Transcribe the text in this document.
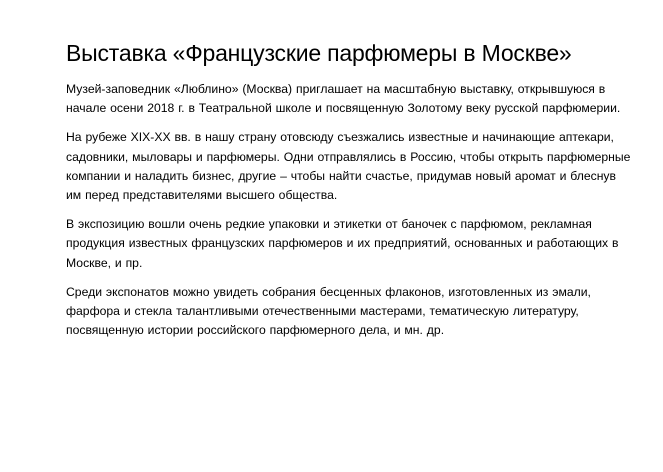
Выставка «Французские парфюмеры в Москве»

Музей-заповедник «Люблино» (Москва) приглашает на масштабную выставку, открывшуюся в начале осени 2018 г. в Театральной школе и посвященную Золотому веку русской парфюмерии.

На рубеже XIX-XX вв. в нашу страну отовсюду съезжались известные и начинающие аптекари, садовники, мыловары и парфюмеры. Одни отправлялись в Россию, чтобы открыть парфюмерные компании и наладить бизнес, другие – чтобы найти счастье, придумав новый аромат и блеснув им перед представителями высшего общества.

В экспозицию вошли очень редкие упаковки и этикетки от баночек с парфюмом, рекламная продукция известных французских парфюмеров и их предприятий, основанных и работающих в Москве, и пр.

Среди экспонатов можно увидеть собрания бесценных флаконов, изготовленных из эмали, фарфора и стекла талантливыми отечественными мастерами, тематическую литературу, посвященную истории российского парфюмерного дела, и мн. др.
